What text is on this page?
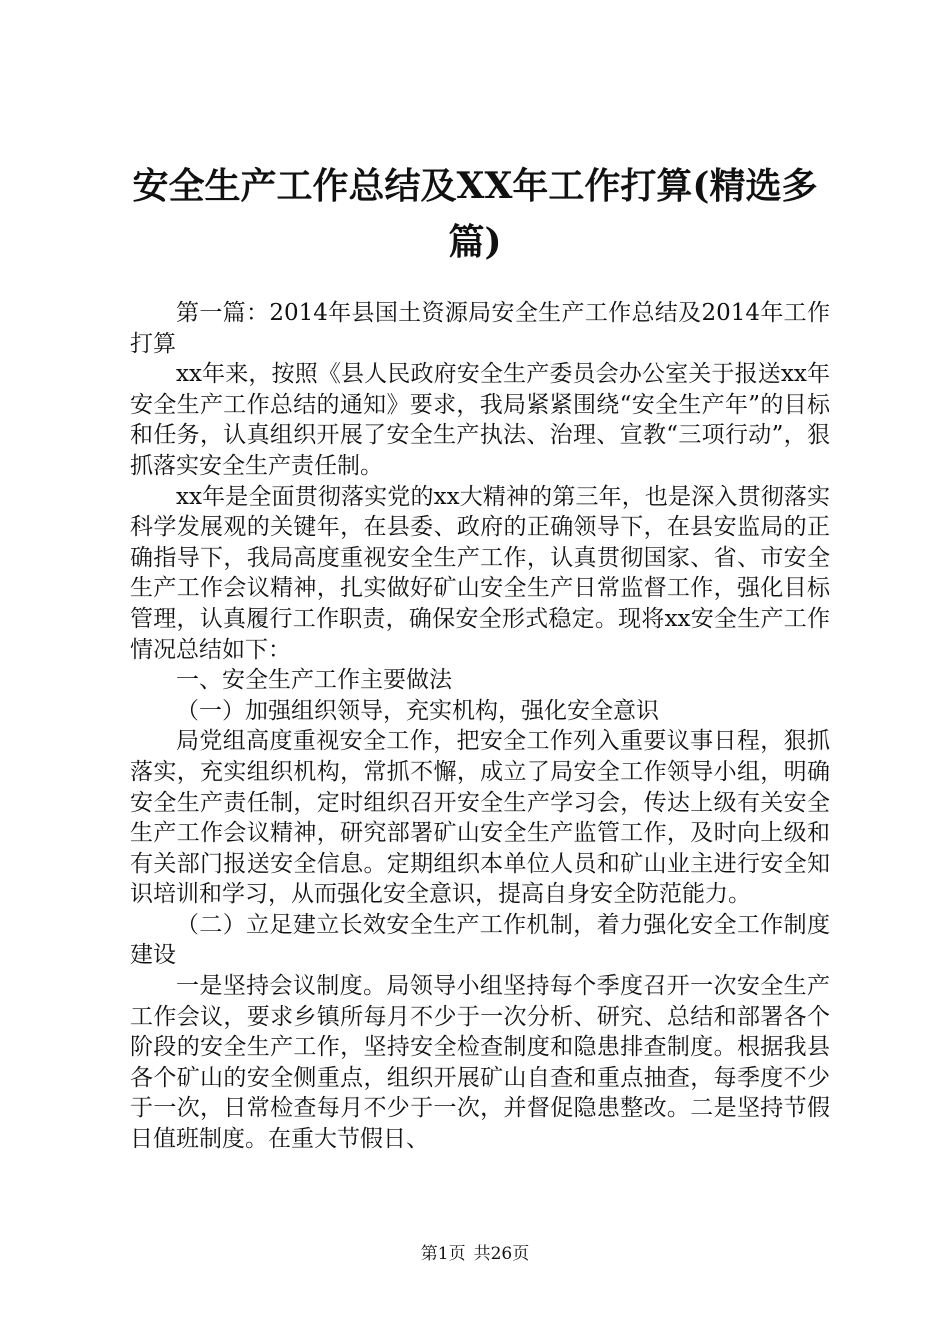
安全生产工作总结及XX年工作打算(精选多篇)

第一篇：2014年县国土资源局安全生产工作总结及2014年工作打算

xx年来，按照《县人民政府安全生产委员会办公室关于报送xx年安全生产工作总结的通知》要求，我局紧紧围绕“安全生产年”的目标和任务，认真组织开展了安全生产执法、治理、宣教“三项行动”，狠抓落实安全生产责任制。

xx年是全面贯彻落实党的xx大精神的第三年，也是深入贯彻落实科学发展观的关键年，在县委、政府的正确领导下，在县安监局的正确指导下，我局高度重视安全生产工作，认真贯彻国家、省、市安全生产工作会议精神，扎实做好矿山安全生产日常监督工作，强化目标管理，认真履行工作职责，确保安全形式稳定。现将xx安全生产工作情况总结如下：

一、安全生产工作主要做法

（一）加强组织领导，充实机构，强化安全意识

局党组高度重视安全工作，把安全工作列入重要议事日程，狠抓落实，充实组织机构，常抓不懈，成立了局安全工作领导小组，明确安全生产责任制，定时组织召开安全生产学习会，传达上级有关安全生产工作会议精神，研究部署矿山安全生产监管工作，及时向上级和有关部门报送安全信息。定期组织本单位人员和矿山业主进行安全知识培训和学习，从而强化安全意识，提高自身安全防范能力。

（二）立足建立长效安全生产工作机制，着力强化安全工作制度建设

一是坚持会议制度。局领导小组坚持每个季度召开一次安全生产工作会议，要求乡镇所每月不少于一次分析、研究、总结和部署各个阶段的安全生产工作，坚持安全检查制度和隐患排查制度。根据我县各个矿山的安全侧重点，组织开展矿山自查和重点抽查，每季度不少于一次，日常检查每月不少于一次，并督促隐患整改。二是坚持节假日值班制度。在重大节假日、

第1页 共26页
